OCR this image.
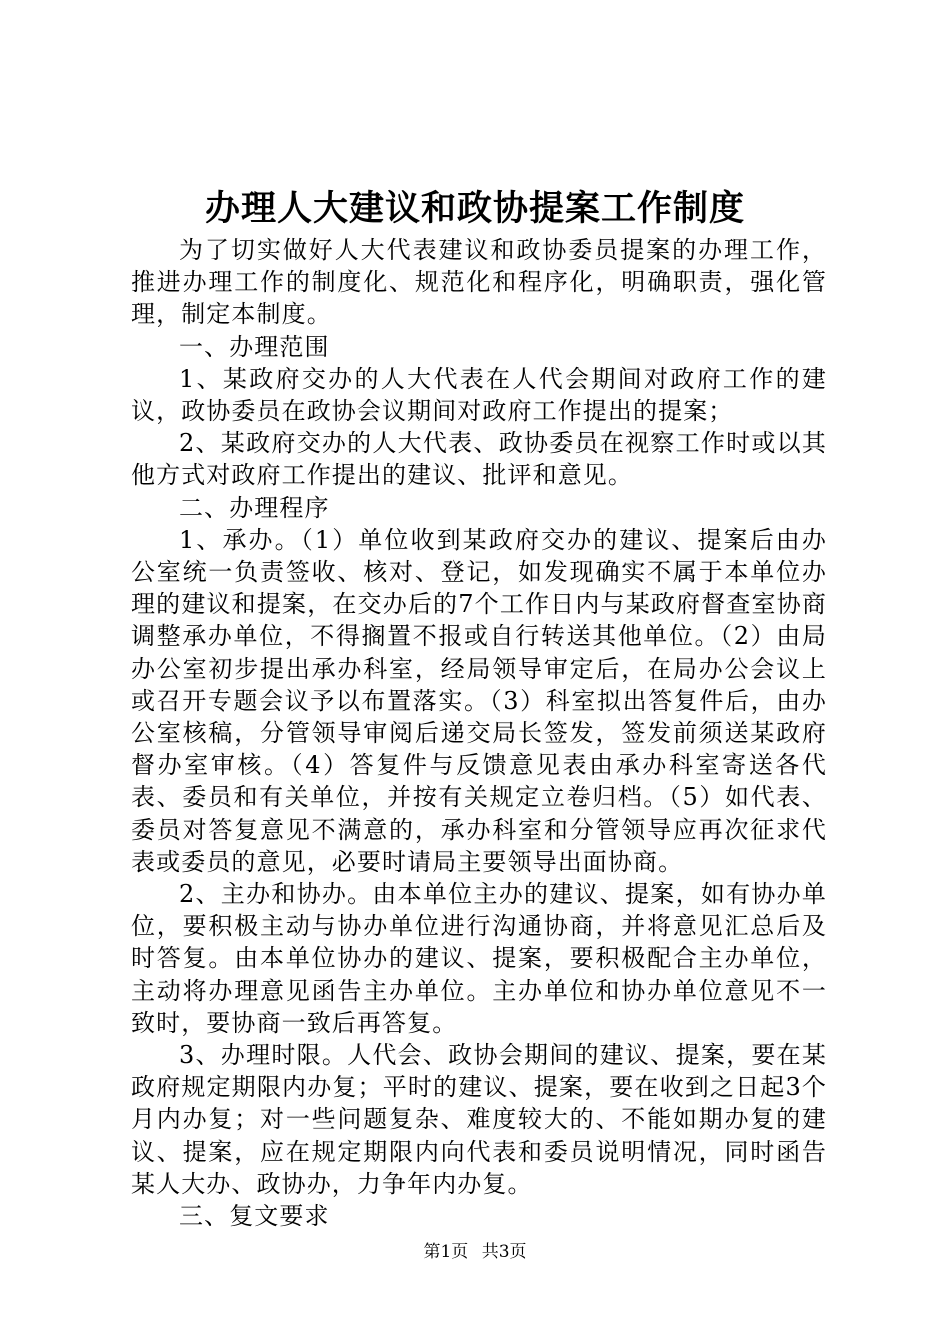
办理人大建议和政协提案工作制度

为了切实做好人大代表建议和政协委员提案的办理工作，推进办理工作的制度化、规范化和程序化，明确职责，强化管理，制定本制度。

一、办理范围

1、某政府交办的人大代表在人代会期间对政府工作的建议，政协委员在政协会议期间对政府工作提出的提案；

2、某政府交办的人大代表、政协委员在视察工作时或以其他方式对政府工作提出的建议、批评和意见。

二、办理程序

1、承办。（1）单位收到某政府交办的建议、提案后由办公室统一负责签收、核对、登记，如发现确实不属于本单位办理的建议和提案，在交办后的7个工作日内与某政府督查室协商调整承办单位，不得搁置不报或自行转送其他单位。（2）由局办公室初步提出承办科室，经局领导审定后，在局办公会议上或召开专题会议予以布置落实。（3）科室拟出答复件后，由办公室核稿，分管领导审阅后递交局长签发，签发前须送某政府督办室审核。（4）答复件与反馈意见表由承办科室寄送各代表、委员和有关单位，并按有关规定立卷归档。（5）如代表、委员对答复意见不满意的，承办科室和分管领导应再次征求代表或委员的意见，必要时请局主要领导出面协商。

2、主办和协办。由本单位主办的建议、提案，如有协办单位，要积极主动与协办单位进行沟通协商，并将意见汇总后及时答复。由本单位协办的建议、提案，要积极配合主办单位，主动将办理意见函告主办单位。主办单位和协办单位意见不一致时，要协商一致后再答复。

3、办理时限。人代会、政协会期间的建议、提案，要在某政府规定期限内办复；平时的建议、提案，要在收到之日起3个月内办复；对一些问题复杂、难度较大的、不能如期办复的建议、提案，应在规定期限内向代表和委员说明情况，同时函告某人大办、政协办，力争年内办复。

三、复文要求

第1页 共3页
